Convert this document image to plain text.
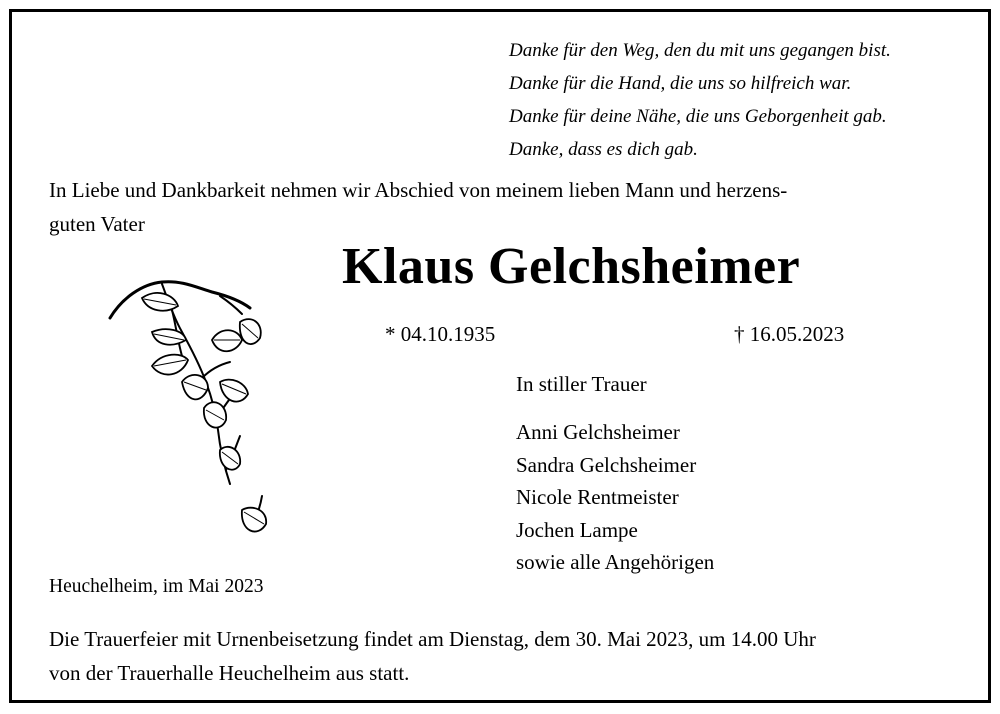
Danke für den Weg, den du mit uns gegangen bist.
Danke für die Hand, die uns so hilfreich war.
Danke für deine Nähe, die uns Geborgenheit gab.
Danke, dass es dich gab.
In Liebe und Dankbarkeit nehmen wir Abschied von meinem lieben Mann und herzens-
guten Vater
Klaus Gelchsheimer
* 04.10.1935	† 16.05.2023
In stiller Trauer
Anni Gelchsheimer
Sandra Gelchsheimer
Nicole Rentmeister
Jochen Lampe
sowie alle Angehörigen
Heuchelheim, im Mai 2023
Die Trauerfeier mit Urnenbeisetzung findet am Dienstag, dem 30. Mai 2023, um 14.00 Uhr
von der Trauerhalle Heuchelheim aus statt.
